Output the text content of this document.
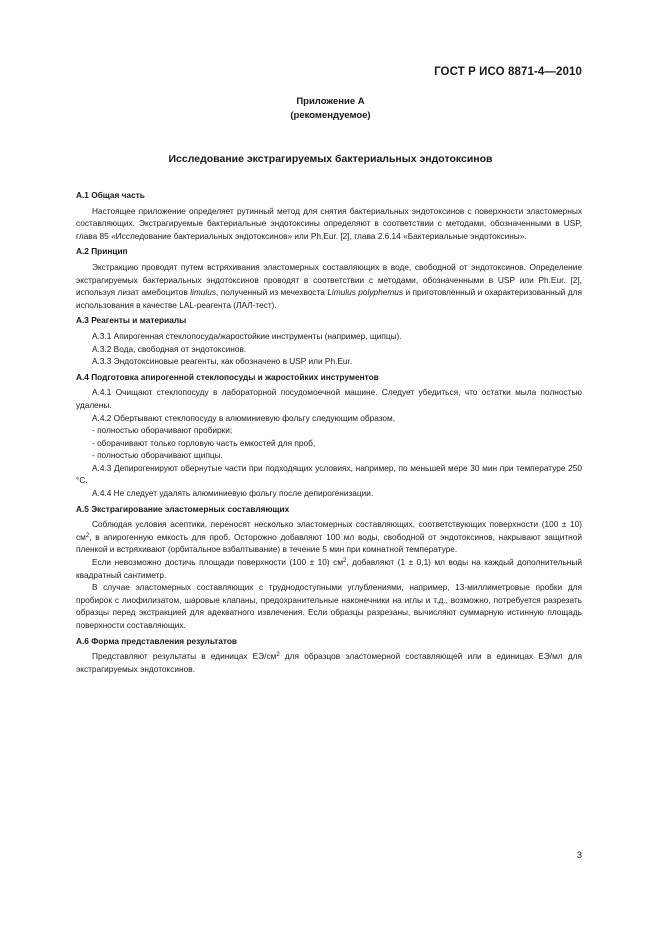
ГОСТ Р ИСО 8871-4—2010
Приложение А
(рекомендуемое)
Исследование экстрагируемых бактериальных эндотоксинов

А.1 Общая часть

Настоящее приложение определяет рутинный метод для снятия бактериальных эндотоксинов с поверхности эластомерных составляющих. Экстрагируемые бактериальные эндотоксины определяют в соответствии с методами, обозначенными в USP, глава 85 «Исследование бактериальных эндотоксинов» или Ph.Eur. [2], глава 2.6.14 «Бактериальные эндотоксины».

А.2 Принцип

Экстракцию проводят путем встряхивания эластомерных составляющих в воде, свободной от эндотоксинов. Определение экстрагируемых бактериальных эндотоксинов проводят в соответствии с методами, обозначенными в USP или Ph.Eur. [2], используя лизат амебоцитов limulus, полученный из мечехвоста Limulus polyphemus и приготовленный и охарактеризованный для использования в качестве LAL-реагента (ЛАЛ-тест).

А.3 Реагенты и материалы

А.3.1 Апирогенная стеклопосуда/жаростойкие инструменты (например, щипцы).

А.3.2 Вода, свободная от эндотоксинов.

А.3.3 Эндотоксиновые реагенты, как обозначено в USP или Ph.Eur.

А.4 Подготовка апирогенной стеклопосуды и жаростойких инструментов

А.4.1 Очищают стеклопосуду в лабораторной посудомоечной машине. Следует убедиться, что остатки мыла полностью удалены.

А.4.2 Обертывают стеклопосуду в алюминиевую фольгу следующим образом,

- полностью оборачивают пробирки;

- оборачивают только горловую часть емкостей для проб,

- полностью оборачивают щипцы.

А.4.3 Депирогенируют обернутые части при подходящих условиях, например, по меньшей мере 30 мин при температуре 250 °С.

А.4.4 Не следует удалять алюминиевую фольгу после депирогенизации.

А.5 Экстрагирование эластомерных составляющих

Соблюдая условия асептики, переносят несколько эластомерных составляющих, соответствующих поверхности (100 ± 10) $см^2$, в апирогенную емкость для проб. Осторожно добавляют 100 мл воды, свободной от эндотоксинов, накрывают защитной пленкой и встряхивают (орбитальное взбалтывание) в течение 5 мин при комнатной температуре.

Если невозможно достичь площади поверхности (100 ± 10) $см^2$, добавляют (1 ± 0,1) мл воды на каждый дополнительный квадратный сантиметр.

В случае эластомерных составляющих с труднодоступными углублениями, например, 13-миллиметровые пробки для пробирок с лиофилизатом, шаровые клапаны, предохранительные наконечники на иглы и т.д., возможно, потребуется разрезать образцы перед экстракцией для адекватного извлечения. Если образцы разрезаны, вычисляют суммарную истинную площадь поверхности составляющих.

А.6 Форма представления результатов

Представляют результаты в единицах $ЕЭ/см^2$ для образцов эластомерной составляющей или в единицах ЕЭ/мл для экстрагируемых эндотоксинов.

3
